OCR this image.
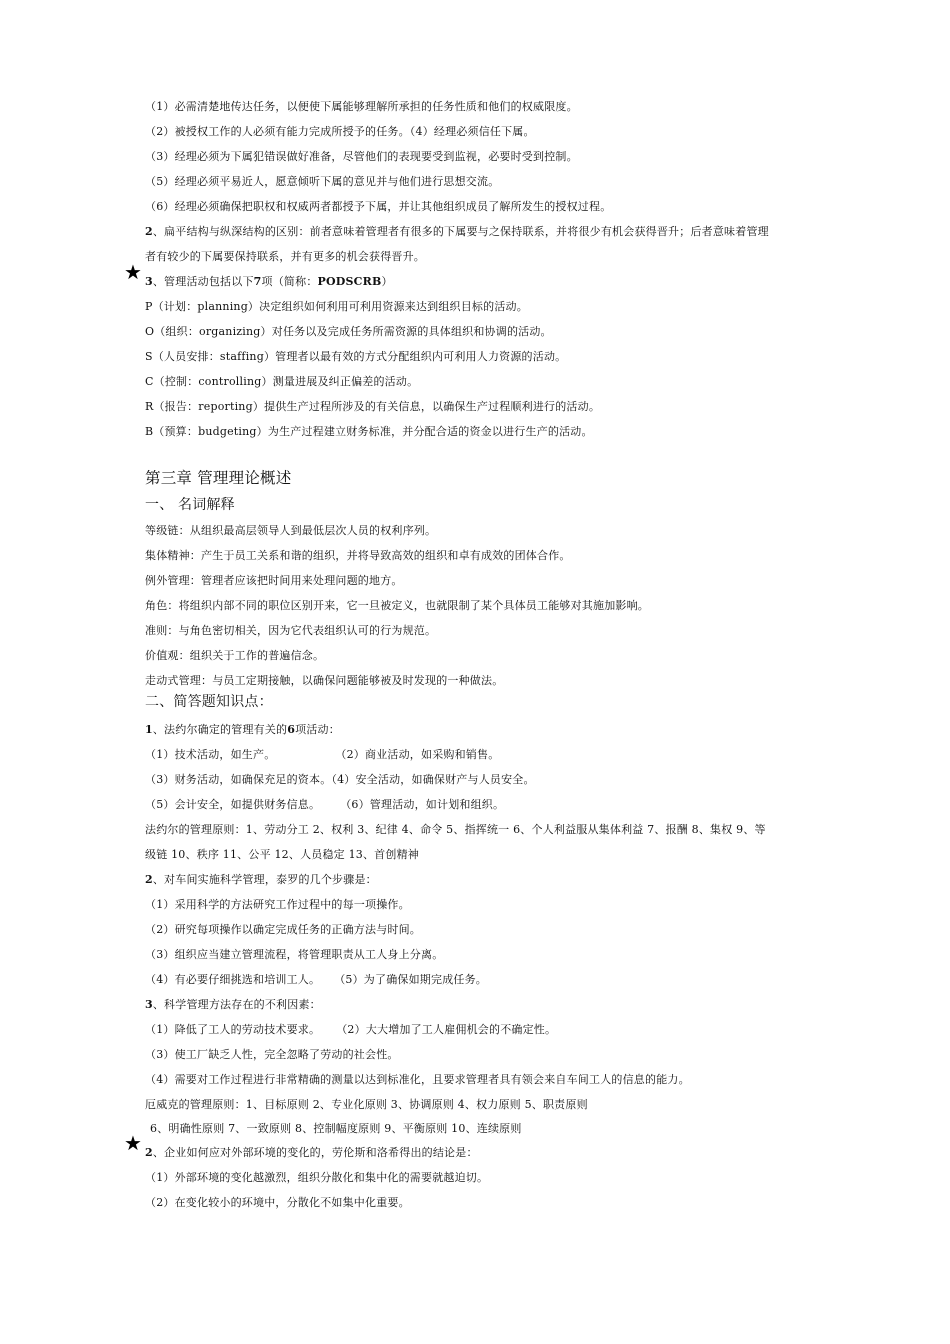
（1）必需清楚地传达任务，以便使下属能够理解所承担的任务性质和他们的权威限度。
（2）被授权工作的人必须有能力完成所授予的任务。（4）经理必须信任下属。
（3）经理必须为下属犯错误做好准备，尽管他们的表现要受到监视，必要时受到控制。
（5）经理必须平易近人，愿意倾听下属的意见并与他们进行思想交流。
（6）经理必须确保把职权和权威两者都授予下属，并让其他组织成员了解所发生的授权过程。
2、扁平结构与纵深结构的区别：前者意味着管理者有很多的下属要与之保持联系，并将很少有机会获得晋升；后者意味着管理
者有较少的下属要保持联系，并有更多的机会获得晋升。
★ 3、管理活动包括以下7项（简称：PODSCRB）
P（计划：planning）决定组织如何利用可利用资源来达到组织目标的活动。
O（组织：organizing）对任务以及完成任务所需资源的具体组织和协调的活动。
S（人员安排：staffing）管理者以最有效的方式分配组织内可利用人力资源的活动。
C（控制：controlling）测量进展及纠正偏差的活动。
R（报告：reporting）提供生产过程所涉及的有关信息，以确保生产过程顺利进行的活动。
B（预算：budgeting）为生产过程建立财务标准，并分配合适的资金以进行生产的活动。
第三章 管理理论概述
一、 名词解释
等级链：从组织最高层领导人到最低层次人员的权利序列。
集体精神：产生于员工关系和谐的组织，并将导致高效的组织和卓有成效的团体合作。
例外管理：管理者应该把时间用来处理问题的地方。
角色：将组织内部不同的职位区别开来，它一旦被定义，也就限制了某个具体员工能够对其施加影响。
准则：与角色密切相关，因为它代表组织认可的行为规范。
价值观：组织关于工作的普遍信念。
走动式管理：与员工定期接触，以确保问题能够被及时发现的一种做法。
二、简答题知识点：
1、法约尔确定的管理有关的6项活动：
（1）技术活动，如生产。	（2）商业活动，如采购和销售。
（3）财务活动，如确保充足的资本。（4）安全活动，如确保财产与人员安全。
（5）会计安全，如提供财务信息。 （6）管理活动，如计划和组织。
法约尔的管理原则：1、劳动分工 2、权利 3、纪律 4、命令 5、指挥统一 6、个人利益服从集体利益 7、报酬 8、集权 9、等
级链 10、秩序 11、公平 12、人员稳定 13、首创精神
2、对车间实施科学管理，泰罗的几个步骤是：
（1）采用科学的方法研究工作过程中的每一项操作。
（2）研究每项操作以确定完成任务的正确方法与时间。
（3）组织应当建立管理流程，将管理职责从工人身上分离。
（4）有必要仔细挑选和培训工人。 （5）为了确保如期完成任务。
3、科学管理方法存在的不利因素：
（1）降低了工人的劳动技术要求。 （2）大大增加了工人雇佣机会的不确定性。
（3）使工厂缺乏人性，完全忽略了劳动的社会性。
（4）需要对工作过程进行非常精确的测量以达到标准化，且要求管理者具有领会来自车间工人的信息的能力。
厄威克的管理原则：1、目标原则 2、专业化原则 3、协调原则 4、权力原则 5、职责原则
6、明确性原则 7、一致原则 8、控制幅度原则 9、平衡原则 10、连续原则
★ 2、企业如何应对外部环境的变化的，劳伦斯和洛希得出的结论是：
（1）外部环境的变化越激烈，组织分散化和集中化的需要就越迫切。
（2）在变化较小的环境中，分散化不如集中化重要。
